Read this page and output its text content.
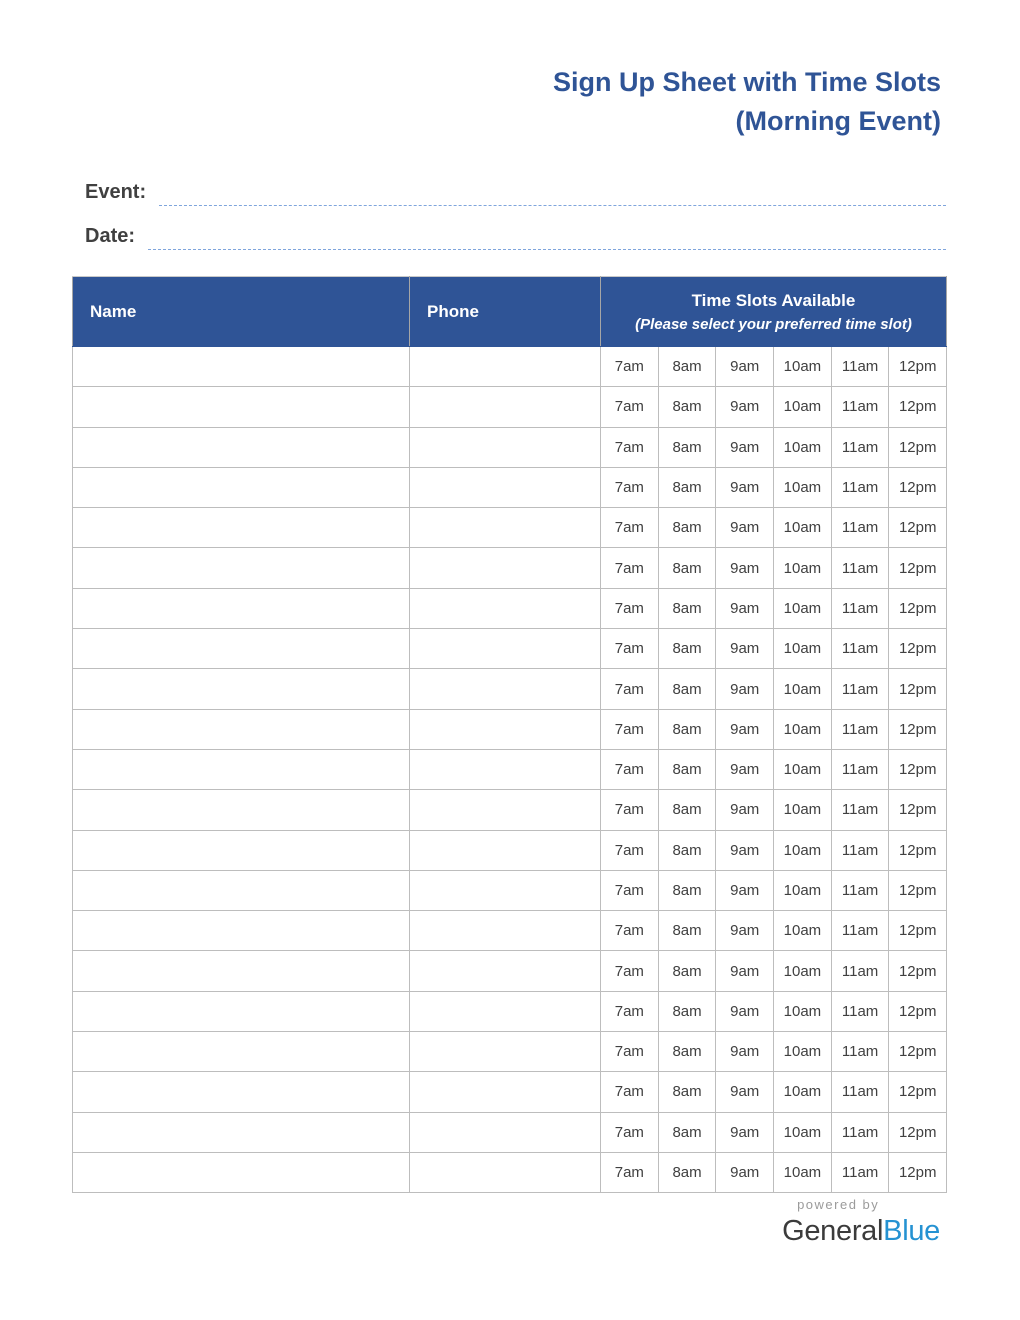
Sign Up Sheet with Time Slots
(Morning Event)
Event:
Date:
Name	Phone	Time Slots Available
(Please select your preferred time slot)					

		7am	8am	9am	10am	11am	12pm
		7am	8am	9am	10am	11am	12pm
		7am	8am	9am	10am	11am	12pm
		7am	8am	9am	10am	11am	12pm
		7am	8am	9am	10am	11am	12pm
		7am	8am	9am	10am	11am	12pm
		7am	8am	9am	10am	11am	12pm
		7am	8am	9am	10am	11am	12pm
		7am	8am	9am	10am	11am	12pm
		7am	8am	9am	10am	11am	12pm
		7am	8am	9am	10am	11am	12pm
		7am	8am	9am	10am	11am	12pm
		7am	8am	9am	10am	11am	12pm
		7am	8am	9am	10am	11am	12pm
		7am	8am	9am	10am	11am	12pm
		7am	8am	9am	10am	11am	12pm
		7am	8am	9am	10am	11am	12pm
		7am	8am	9am	10am	11am	12pm
		7am	8am	9am	10am	11am	12pm
		7am	8am	9am	10am	11am	12pm
		7am	8am	9am	10am	11am	12pm
powered by
GeneralBlue
